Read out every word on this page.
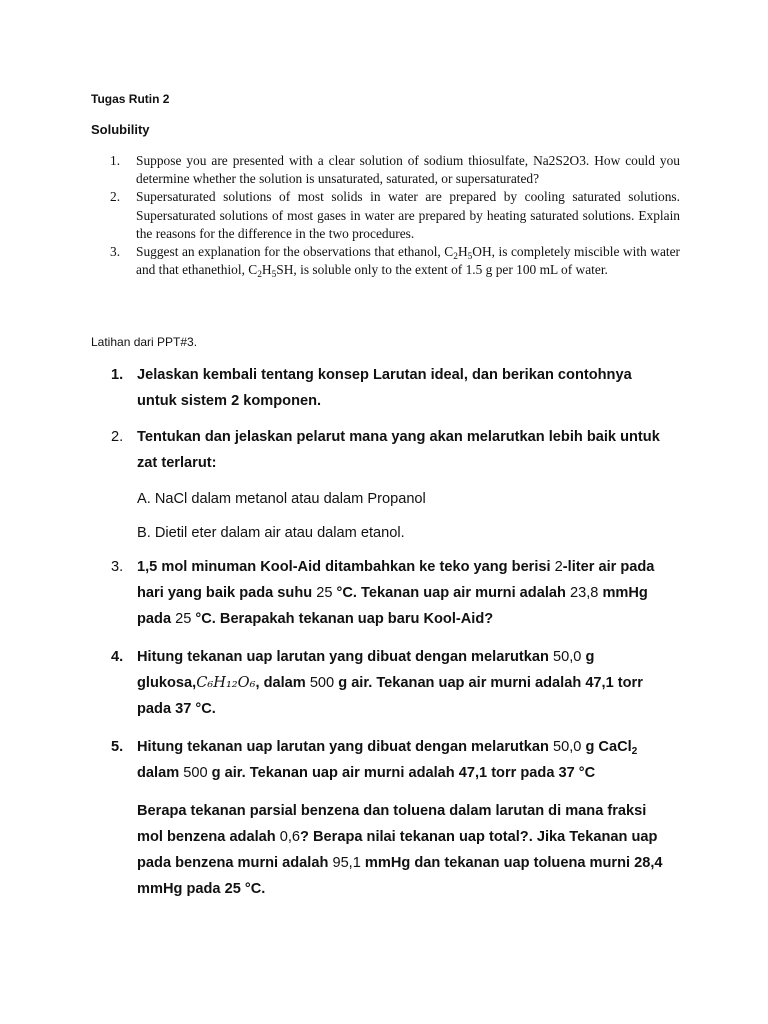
Tugas Rutin 2
Solubility
1.	Suppose you are presented with a clear solution of sodium thiosulfate, Na2S2O3. How could you determine whether the solution is unsaturated, saturated, or supersaturated?
2.	Supersaturated solutions of most solids in water are prepared by cooling saturated solutions. Supersaturated solutions of most gases in water are prepared by heating saturated solutions. Explain the reasons for the difference in the two procedures.
3.	Suggest an explanation for the observations that ethanol, $C_2H_5OH$, is completely miscible with water and that ethanethiol, $C_2H_5SH$, is soluble only to the extent of 1.5 g per 100 mL of water.
Latihan dari PPT#3.
1. Jelaskan kembali tentang konsep Larutan ideal, dan berikan contohnya untuk sistem 2 komponen.
2. Tentukan dan jelaskan pelarut mana yang akan melarutkan lebih baik untuk zat terlarut:
A. NaCl dalam metanol atau dalam Propanol
B. Dietil eter dalam air atau dalam etanol.
3. 1,5 mol minuman Kool-Aid ditambahkan ke teko yang berisi 2-liter air pada hari yang baik pada suhu 25 °C. Tekanan uap air murni adalah 23,8 mmHg pada 25 °C. Berapakah tekanan uap baru Kool-Aid?
4. Hitung tekanan uap larutan yang dibuat dengan melarutkan 50,0 g glukosa,C₆H₁₂O₆, dalam 500 g air. Tekanan uap air murni adalah 47,1 torr pada 37 °C.
5. Hitung tekanan uap larutan yang dibuat dengan melarutkan 50,0 g CaCl$_2$ dalam 500 g air. Tekanan uap air murni adalah 47,1 torr pada 37 °C
Berapa tekanan parsial benzena dan toluena dalam larutan di mana fraksi mol benzena adalah 0,6? Berapa nilai tekanan uap total?. Jika Tekanan uap pada benzena murni adalah 95,1 mmHg dan tekanan uap toluena murni 28,4 mmHg pada 25 °C.
